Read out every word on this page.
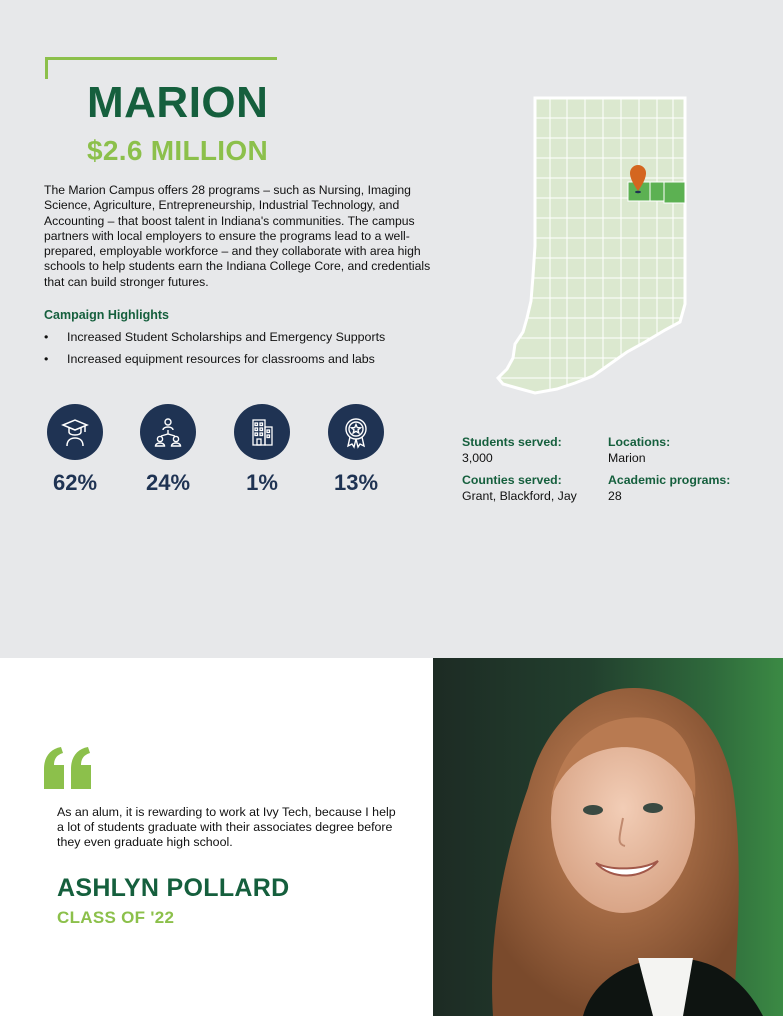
MARION
$2.6 MILLION

The Marion Campus offers 28 programs – such as Nursing, Imaging Science, Agriculture, Entrepreneurship, Industrial Technology, and Accounting – that boost talent in Indiana's communities. The campus partners with local employers to ensure the programs lead to a well-prepared, employable workforce – and they collaborate with area high schools to help students earn the Indiana College Core, and credentials that can build stronger futures.

Campaign Highlights
• Increased Student Scholarships and Emergency Supports
• Increased equipment resources for classrooms and labs
62%	24%	1%	13%
Students served:
3,000
Counties served:
Grant, Blackford, Jay
Locations:
Marion
Academic programs:
28

As an alum, it is rewarding to work at Ivy Tech, because I help a lot of students graduate with their associates degree before they even graduate high school.

ASHLYN POLLARD
CLASS OF '22
